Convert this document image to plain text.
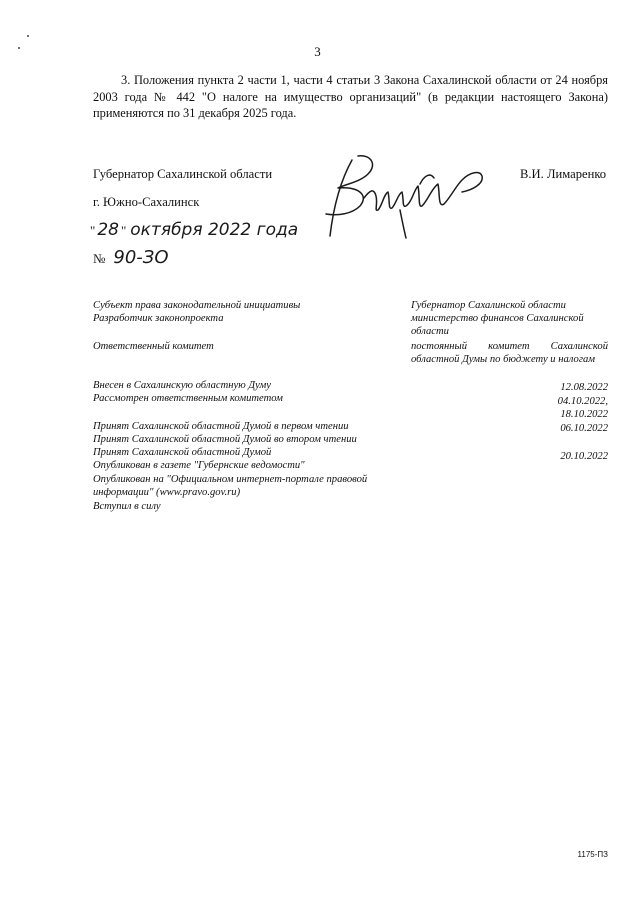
3
3. Положения пункта 2 части 1, части 4 статьи 3 Закона Сахалинской области от 24 ноября 2003 года № 442 "О налоге на имущество организаций" (в редакции настоящего Закона) применяются по 31 декабря 2025 года.
Губернатор Сахалинской области	В.И. Лимаренко
г. Южно-Сахалинск
" 28 " октября 2022 года
№ 90-ЗО
Субъект права законодательной инициативы	Губернатор Сахалинской области
Разработчик законопроекта	министерство финансов Сахалинской области
Ответственный комитет	постоянный комитет Сахалинской областной Думы по бюджету и налогам
Внесен в Сахалинскую областную Думу	12.08.2022
Рассмотрен ответственным комитетом	04.10.2022,
18.10.2022
Принят Сахалинской областной Думой в первом чтении	06.10.2022
Принят Сахалинской областной Думой во втором чтении
Принят Сахалинской областной Думой	20.10.2022
Опубликован в газете "Губернские ведомости"
Опубликован на "Официальном интернет-портале правовой информации" (www.pravo.gov.ru)
Вступил в силу
1175-ПЗ
